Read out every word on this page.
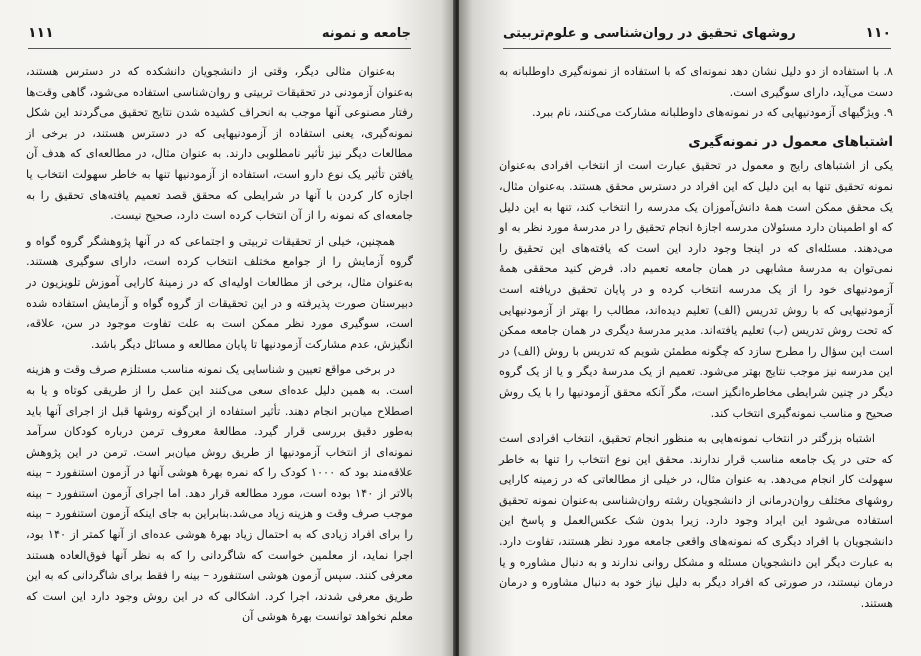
جامعه و نمونه
۱۱۱

به‌عنوان مثالی دیگر، وقتی از دانشجویان دانشکده که در دسترس هستند، به‌عنوان آزمودنی در تحقیقات تربیتی و روان‌شناسی استفاده می‌شود، گاهی وقت‌ها رفتار مصنوعی آنها موجب به انحراف کشیده شدن نتایج تحقیق می‌گردند این شکل نمونه‌گیری، یعنی استفاده از آزمودنیهایی که در دسترس هستند، در برخی از مطالعات دیگر نیز تأثیر نامطلوبی دارند. به عنوان مثال، در مطالعه‌ای که هدف آن یافتن تأثیر یک نوع دارو است، استفاده از آزمودنیها تنها به خاطر سهولت انتخاب یا اجازه کار کردن با آنها در شرایطی که محقق قصد تعمیم یافته‌های تحقیق را به جامعه‌ای که نمونه را از آن انتخاب کرده است دارد، صحیح نیست.

همچنین، خیلی از تحقیقات تربیتی و اجتماعی که در آنها پژوهشگر گروه گواه و گروه آزمایش را از جوامع مختلف انتخاب کرده است، دارای سوگیری هستند. به‌عنوان مثال، برخی از مطالعات اولیه‌ای که در زمینهٔ کارایی آموزش تلویزیون در دبیرستان صورت پذیرفته و در این تحقیقات از گروه گواه و آزمایش استفاده شده است، سوگیری مورد نظر ممکن است به علت تفاوت موجود در سن، علاقه، انگیزش، عدم مشارکت آزمودنیها تا پایان مطالعه و مسائل دیگر باشد.

در برخی مواقع تعیین و شناسایی یک نمونه مناسب مستلزم صرف وقت و هزینه است. به همین دلیل عده‌ای سعی می‌کنند این عمل را از طریقی کوتاه و یا به اصطلاح میان‌بر انجام دهند. تأثیر استفاده از این‌گونه روشها قبل از اجرای آنها باید به‌طور دقیق بررسی قرار گیرد. مطالعهٔ معروف ترمن درباره کودکان سرآمد نمونه‌ای از انتخاب آزمودنیها از طریق روش میان‌بر است. ترمن در این پژوهش علاقه‌مند بود که ۱۰۰۰ کودک را که نمره بهرهٔ هوشی آنها در آزمون استنفورد – بینه بالاتر از ۱۴۰ بوده است، مورد مطالعه قرار دهد. اما اجرای آزمون استنفورد – بینه موجب صرف وقت و هزینه زیاد می‌شد.بنابراین به جای اینکه آزمون استنفورد – بینه را برای افراد زیادی که به احتمال زیاد بهرهٔ هوشی عده‌ای از آنها کمتر از ۱۴۰ بود، اجرا نماید، از معلمین خواست که شاگردانی را که به نظر آنها فوق‌العاده هستند معرفی کنند. سپس آزمون هوشی استنفورد – بینه را فقط برای شاگردانی که به این طریق معرفی شدند، اجرا کرد. اشکالی که در این روش وجود دارد این است که معلم نخواهد توانست بهرهٔ هوشی آن

۱۱۰
روشهای تحقیق در روان‌شناسی و علوم‌تربیتی

۸. با استفاده از دو دلیل نشان دهد نمونه‌ای که با استفاده از نمونه‌گیری داوطلبانه به دست می‌آید، دارای سوگیری است.

۹. ویژگیهای آزمودنیهایی که در نمونه‌های داوطلبانه مشارکت می‌کنند، نام ببرد.

اشتباهای معمول در نمونه‌گیری

یکی از اشتباهای رایج و معمول در تحقیق عبارت است از انتخاب افرادی به‌عنوان نمونه تحقیق تنها به این دلیل که این افراد در دسترس محقق هستند. به‌عنوان مثال، یک محقق ممکن است همهٔ دانش‌آموزان یک مدرسه را انتخاب کند، تنها به این دلیل که او اطمینان دارد مسئولان مدرسه اجازهٔ انجام تحقیق را در مدرسهٔ مورد نظر به او می‌دهند. مسئله‌ای که در اینجا وجود دارد این است که یافته‌های این تحقیق را نمی‌توان به مدرسهٔ مشابهی در همان جامعه تعمیم داد. فرض کنید محققی همهٔ آزمودنیهای خود را از یک مدرسه انتخاب کرده و در پایان تحقیق دریافته است آزمودنیهایی که با روش تدریس (الف) تعلیم دیده‌اند، مطالب را بهتر از آزمودنیهایی که تحت روش تدریس (ب) تعلیم یافته‌اند. مدیر مدرسهٔ دیگری در همان جامعه ممکن است این سؤال را مطرح سازد که چگونه مطمئن شویم که تدریس با روش (الف) در این مدرسه نیز موجب نتایج بهتر می‌شود. تعمیم از یک مدرسهٔ دیگر و یا از یک گروه دیگر در چنین شرایطی مخاطره‌انگیز است، مگر آنکه محقق آزمودنیها را با یک روش صحیح و مناسب نمونه‌گیری انتخاب کند.

اشتباه بزرگتر در انتخاب نمونه‌هایی به منظور انجام تحقیق، انتخاب افرادی است که حتی در یک جامعه مناسب قرار ندارند. محقق این نوع انتخاب را تنها به خاطر سهولت کار انجام می‌دهد. به عنوان مثال، در خیلی از مطالعاتی که در زمینه کارایی روشهای مختلف روان‌درمانی از دانشجویان رشته روان‌شناسی به‌عنوان نمونه تحقیق استفاده می‌شود این ایراد وجود دارد. زیرا بدون شک عکس‌العمل و پاسخ این دانشجویان با افراد دیگری که نمونه‌های واقعی جامعه مورد نظر هستند، تفاوت دارد. به عبارت دیگر این دانشجویان مسئله و مشکل روانی ندارند و به دنبال مشاوره و یا درمان نیستند، در صورتی که افراد دیگر به دلیل نیاز خود به دنبال مشاوره و درمان هستند.
